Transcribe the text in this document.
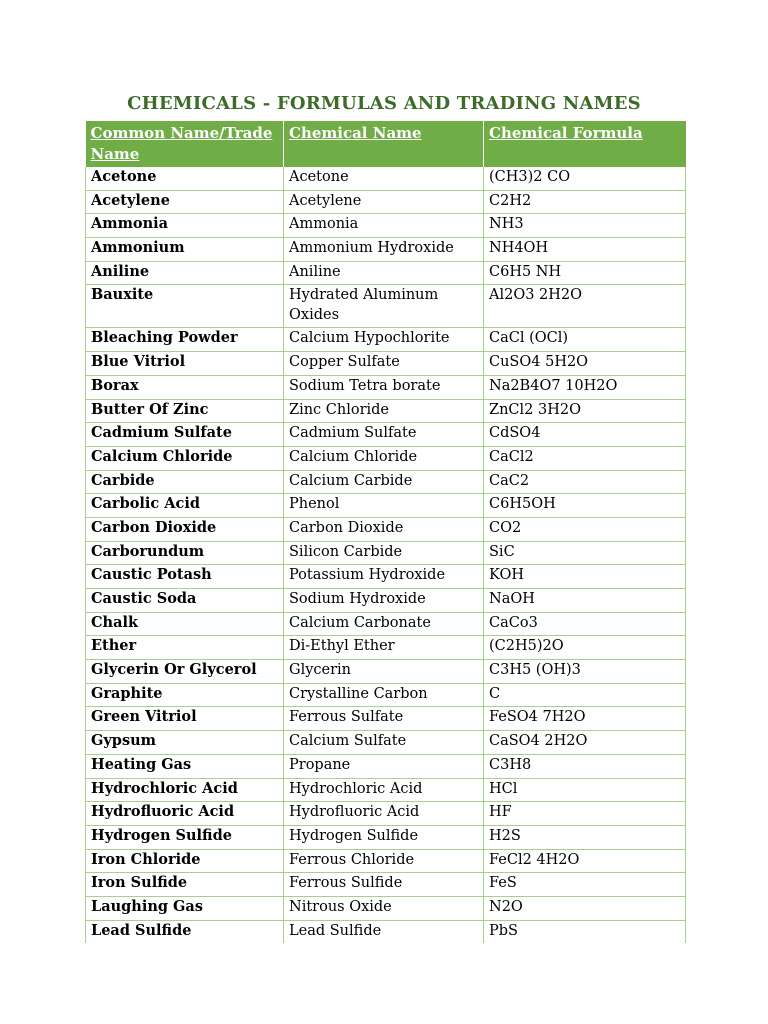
CHEMICALS - FORMULAS AND TRADING NAMES
Common Name/Trade Name	Chemical Name	Chemical Formula
Acetone	Acetone	(CH3)2 CO
Acetylene	Acetylene	C2H2
Ammonia	Ammonia	NH3
Ammonium	Ammonium Hydroxide	NH4OH
Aniline	Aniline	C6H5 NH
Bauxite	Hydrated Aluminum Oxides	Al2O3 2H2O
Bleaching Powder	Calcium Hypochlorite	CaCl (OCl)
Blue Vitriol	Copper Sulfate	CuSO4 5H2O
Borax	Sodium Tetra borate	Na2B4O7 10H2O
Butter Of Zinc	Zinc Chloride	ZnCl2 3H2O
Cadmium Sulfate	Cadmium Sulfate	CdSO4
Calcium Chloride	Calcium Chloride	CaCl2
Carbide	Calcium Carbide	CaC2
Carbolic Acid	Phenol	C6H5OH
Carbon Dioxide	Carbon Dioxide	CO2
Carborundum	Silicon Carbide	SiC
Caustic Potash	Potassium Hydroxide	KOH
Caustic Soda	Sodium Hydroxide	NaOH
Chalk	Calcium Carbonate	CaCo3
Ether	Di-Ethyl Ether	(C2H5)2O
Glycerin Or Glycerol	Glycerin	C3H5 (OH)3
Graphite	Crystalline Carbon	C
Green Vitriol	Ferrous Sulfate	FeSO4 7H2O
Gypsum	Calcium Sulfate	CaSO4 2H2O
Heating Gas	Propane	C3H8
Hydrochloric Acid	Hydrochloric Acid	HCl
Hydrofluoric Acid	Hydrofluoric Acid	HF
Hydrogen Sulfide	Hydrogen Sulfide	H2S
Iron Chloride	Ferrous Chloride	FeCl2 4H2O
Iron Sulfide	Ferrous Sulfide	FeS
Laughing Gas	Nitrous Oxide	N2O
Lead Sulfide	Lead Sulfide	PbS
